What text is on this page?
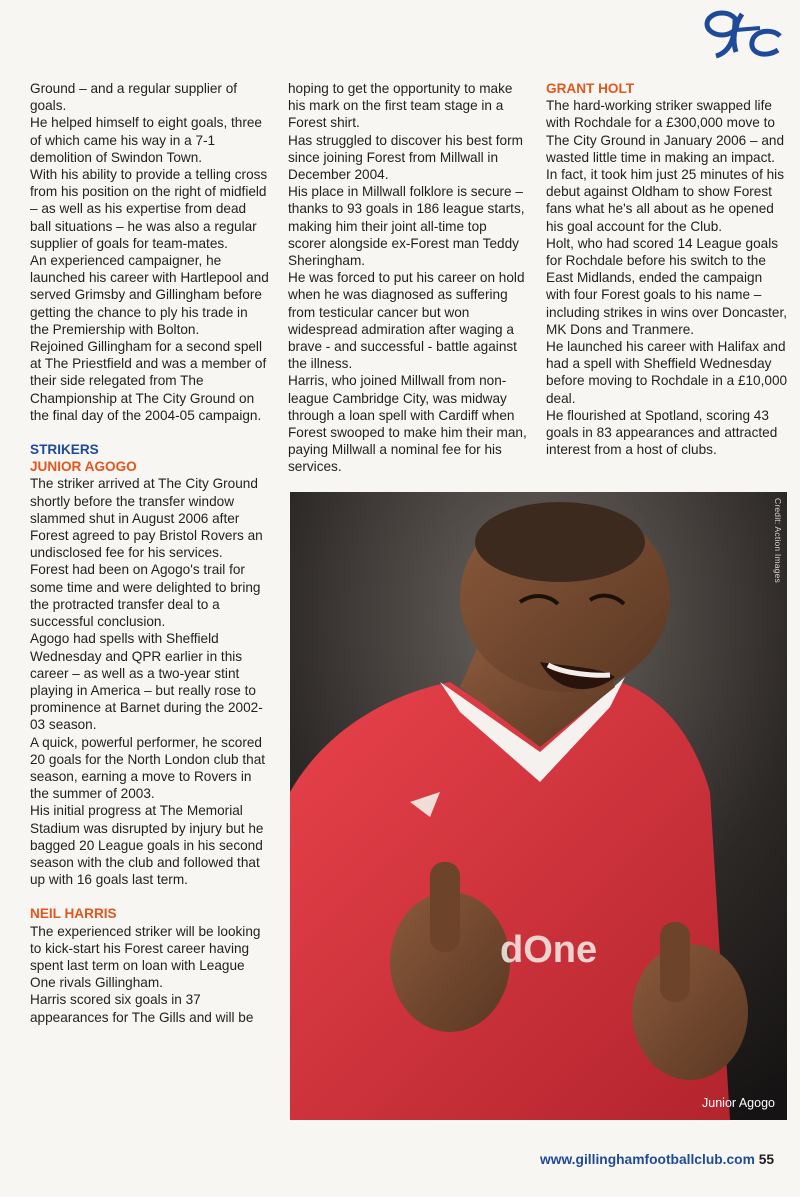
Ground – and a regular supplier of goals.

He helped himself to eight goals, three of which came his way in a 7-1 demolition of Swindon Town.

With his ability to provide a telling cross from his position on the right of midfield – as well as his expertise from dead ball situations – he was also a regular supplier of goals for team-mates.

An experienced campaigner, he launched his career with Hartlepool and served Grimsby and Gillingham before getting the chance to ply his trade in the Premiership with Bolton.

Rejoined Gillingham for a second spell at The Priestfield and was a member of their side relegated from The Championship at The City Ground on the final day of the 2004-05 campaign.

STRIKERS
JUNIOR AGOGO

The striker arrived at The City Ground shortly before the transfer window slammed shut in August 2006 after Forest agreed to pay Bristol Rovers an undisclosed fee for his services.

Forest had been on Agogo's trail for some time and were delighted to bring the protracted transfer deal to a successful conclusion.

Agogo had spells with Sheffield Wednesday and QPR earlier in this career – as well as a two-year stint playing in America – but really rose to prominence at Barnet during the 2002-03 season.

A quick, powerful performer, he scored 20 goals for the North London club that season, earning a move to Rovers in the summer of 2003.

His initial progress at The Memorial Stadium was disrupted by injury but he bagged 20 League goals in his second season with the club and followed that up with 16 goals last term.

NEIL HARRIS

The experienced striker will be looking to kick-start his Forest career having spent last term on loan with League One rivals Gillingham.

Harris scored six goals in 37 appearances for The Gills and will be

hoping to get the opportunity to make his mark on the first team stage in a Forest shirt.

Has struggled to discover his best form since joining Forest from Millwall in December 2004.

His place in Millwall folklore is secure – thanks to 93 goals in 186 league starts, making him their joint all-time top scorer alongside ex-Forest man Teddy Sheringham.

He was forced to put his career on hold when he was diagnosed as suffering from testicular cancer but won widespread admiration after waging a brave - and successful - battle against the illness.

Harris, who joined Millwall from non-league Cambridge City, was midway through a loan spell with Cardiff when Forest swooped to make him their man, paying Millwall a nominal fee for his services.

GRANT HOLT

The hard-working striker swapped life with Rochdale for a £300,000 move to The City Ground in January 2006 – and wasted little time in making an impact.

In fact, it took him just 25 minutes of his debut against Oldham to show Forest fans what he's all about as he opened his goal account for the Club.

Holt, who had scored 14 League goals for Rochdale before his switch to the East Midlands, ended the campaign with four Forest goals to his name – including strikes in wins over Doncaster, MK Dons and Tranmere.

He launched his career with Halifax and had a spell with Sheffield Wednesday before moving to Rochdale in a £10,000 deal.

He flourished at Spotland, scoring 43 goals in 83 appearances and attracted interest from a host of clubs.

dOne
Credit: Action Images
Junior Agogo
www.gillinghamfootballclub.com 55
